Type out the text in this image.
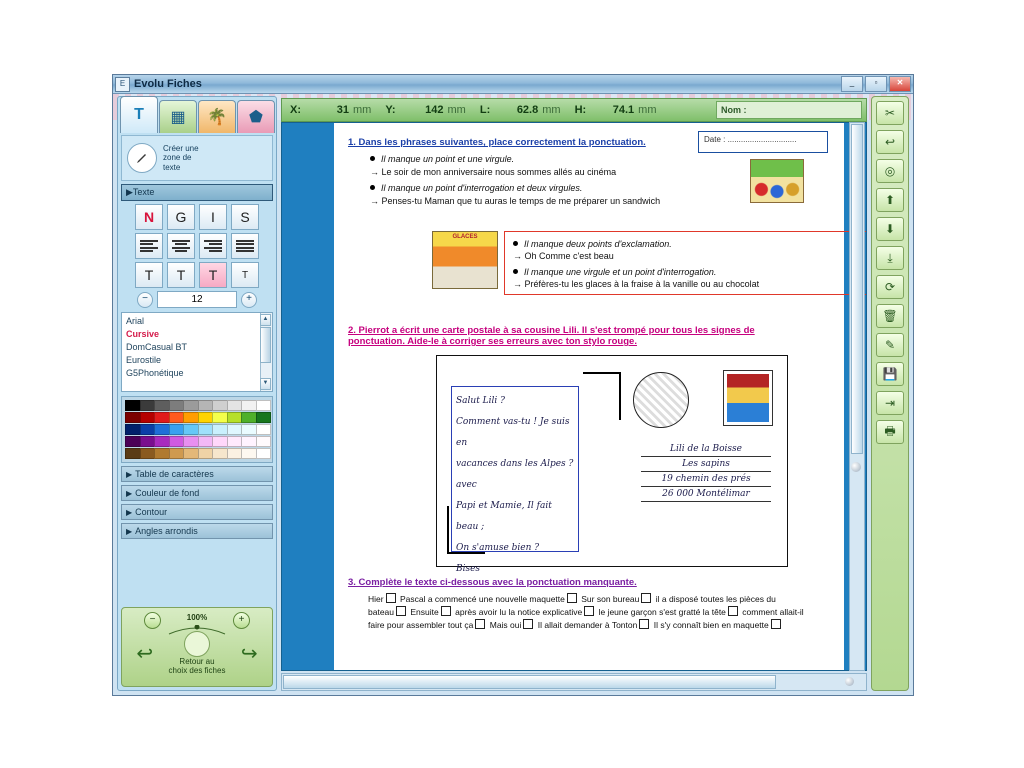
E Evolu Fiches	_	▫	✕
T	▦	🌴	⬟
Créer une
zone de
texte
▶Texte
N	G	I	S
T	T	T	T
−	12	+
Arial
Cursive
DomCasual BT
Eurostile
G5Phonétique
▲
▼
▶ Table de caractères
▶ Couleur de fond
▶ Contour
▶ Angles arrondis
−	100%	+
↩	Retour au
choix des fiches
↪
X:	31 mm Y:	142 mm L:	62.8 mm H:	74.1 mm	Nom :
Date : ...............................
1. Dans les phrases suivantes, place correctement la ponctuation.
Il manque un point et une virgule.
→ Le soir de mon anniversaire nous sommes allés au cinéma
Il manque un point d'interrogation et deux virgules.
→ Penses-tu Maman que tu auras le temps de me préparer un sandwich
GLACES
Il manque deux points d'exclamation.
→ Oh Comme c'est beau
Il manque une virgule et un point d'interrogation.
→ Préfères-tu les glaces à la fraise à la vanille ou au chocolat
2. Pierrot a écrit une carte postale à sa cousine Lili. Il s'est trompé pour tous les signes de
ponctuation. Aide-le à corriger ses erreurs avec ton stylo rouge.
Salut Lili ?
Comment vas-tu ! Je suis en
vacances dans les Alpes ? avec
Papi et Mamie, Il fait beau ;
On s'amuse bien ?
Bises
Lili de la Boisse
Les sapins
19 chemin des prés
26 000 Montélimar
3. Complète le texte ci-dessous avec la ponctuation manquante.
Hier Pascal a commencé une nouvelle maquette Sur son bureau il a disposé toutes les pièces du bateau Ensuite après avoir lu la notice explicative le jeune garçon s'est gratté la tête comment allait-il faire pour assembler tout ça Mais oui Il allait demander à Tonton Il s'y connaît bien en maquette
✂
↩
◎
⬆
⬇
⤓
⟳
🗑
✎
💾
⇥
🖶
